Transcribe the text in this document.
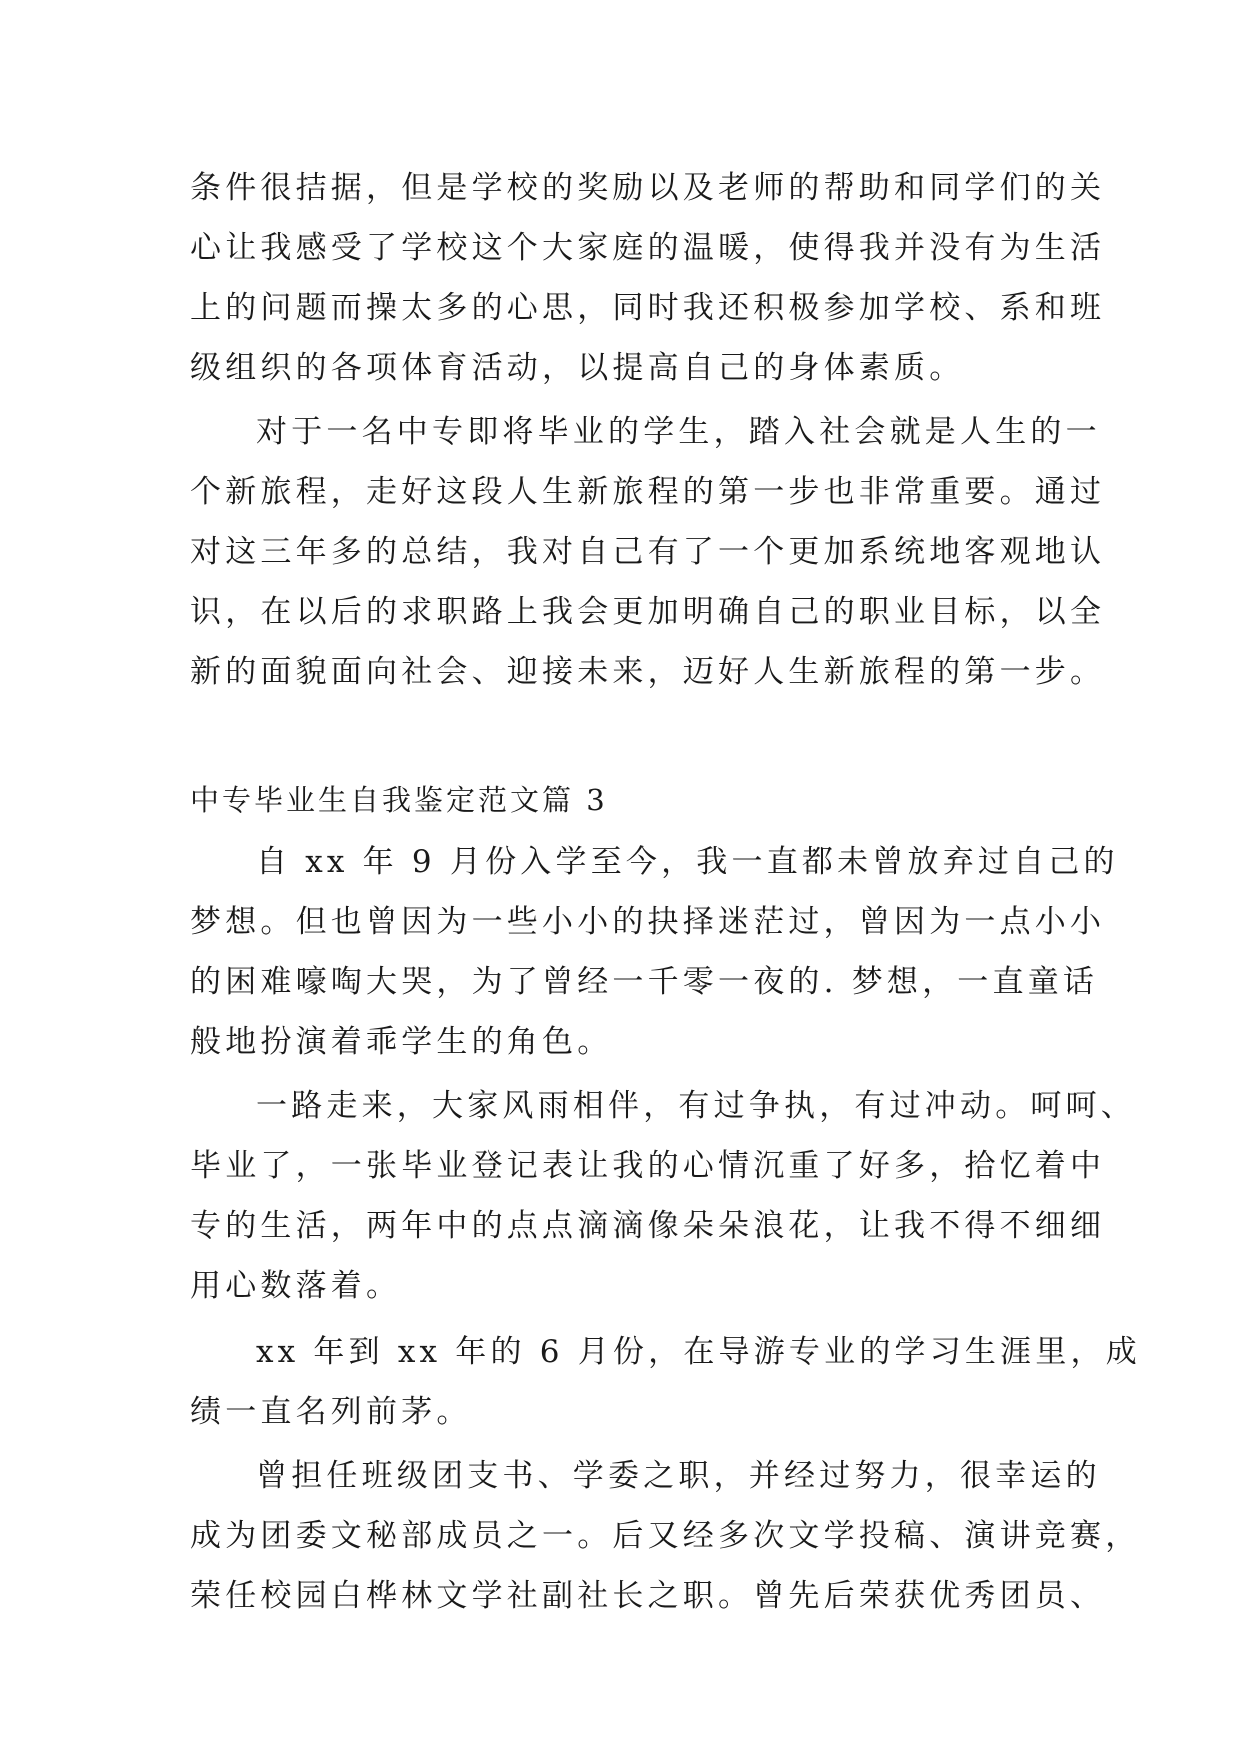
条件很拮据，但是学校的奖励以及老师的帮助和同学们的关
心让我感受了学校这个大家庭的温暖，使得我并没有为生活
上的问题而操太多的心思，同时我还积极参加学校、系和班
级组织的各项体育活动，以提高自己的身体素质。
对于一名中专即将毕业的学生，踏入社会就是人生的一
个新旅程，走好这段人生新旅程的第一步也非常重要。通过
对这三年多的总结，我对自己有了一个更加系统地客观地认
识，在以后的求职路上我会更加明确自己的职业目标，以全
新的面貌面向社会、迎接未来，迈好人生新旅程的第一步。
中专毕业生自我鉴定范文篇 3
自 xx 年 9 月份入学至今，我一直都未曾放弃过自己的
梦想。但也曾因为一些小小的抉择迷茫过，曾因为一点小小
的困难嚎啕大哭，为了曾经一千零一夜的. 梦想，一直童话
般地扮演着乖学生的角色。
一路走来，大家风雨相伴，有过争执，有过冲动。呵呵、
毕业了，一张毕业登记表让我的心情沉重了好多，拾忆着中
专的生活，两年中的点点滴滴像朵朵浪花，让我不得不细细
用心数落着。
xx 年到 xx 年的 6 月份，在导游专业的学习生涯里，成
绩一直名列前茅。
曾担任班级团支书、学委之职，并经过努力，很幸运的
成为团委文秘部成员之一。后又经多次文学投稿、演讲竞赛，
荣任校园白桦林文学社副社长之职。曾先后荣获优秀团员、
